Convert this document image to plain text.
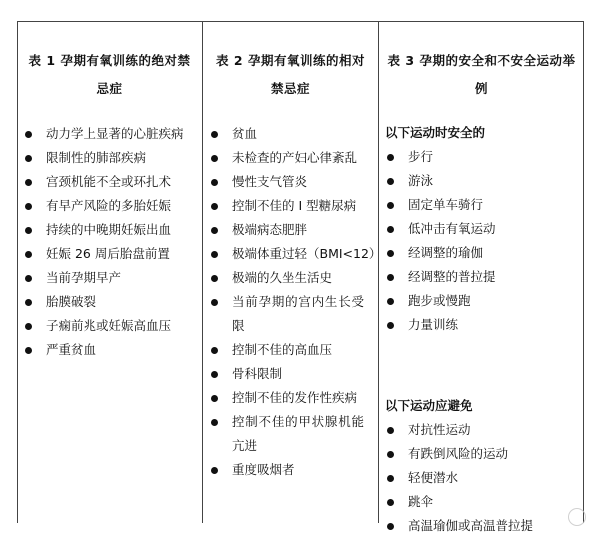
表 1 孕期有氧训练的绝对禁忌症
动力学上显著的心脏疾病
限制性的肺部疾病
宫颈机能不全或环扎术
有早产风险的多胎妊娠
持续的中晚期妊娠出血
妊娠 26 周后胎盘前置
当前孕期早产
胎膜破裂
子痫前兆或妊娠高血压
严重贫血
表 2 孕期有氧训练的相对禁忌症
贫血
未检查的产妇心律紊乱
慢性支气管炎
控制不佳的 I 型糖尿病
极端病态肥胖
极端体重过轻（BMI<12）
极端的久坐生活史
当前孕期的宫内生长受限
控制不佳的高血压
骨科限制
控制不佳的发作性疾病
控制不佳的甲状腺机能亢进
重度吸烟者
表 3 孕期的安全和不安全运动举例
以下运动时安全的
步行
游泳
固定单车骑行
低冲击有氧运动
经调整的瑜伽
经调整的普拉提
跑步或慢跑
力量训练
以下运动应避免
对抗性运动
有跌倒风险的运动
轻便潜水
跳伞
高温瑜伽或高温普拉提
